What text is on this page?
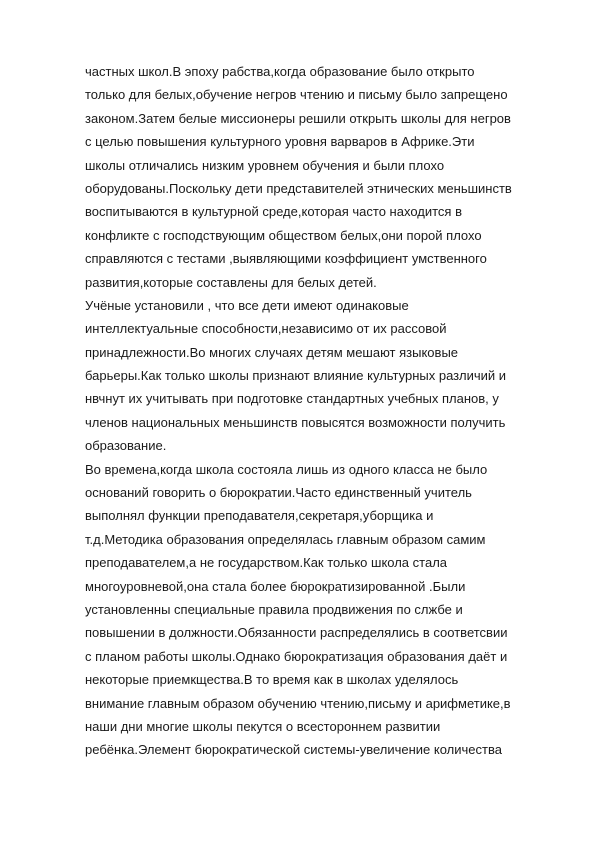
частных школ.В эпоху рабства,когда образование было открыто
только для белых,обучение негров чтению и письму было запрещено
законом.Затем белые миссионеры решили открыть школы для негров
с целью повышения культурного уровня варваров в Африке.Эти
школы отличались низким уровнем обучения и были плохо
оборудованы.Поскольку дети представителей этнических меньшинств
воспитываются в культурной среде,которая часто находится в
конфликте с господствующим обществом белых,они порой плохо
справляются с тестами ,выявляющими коэффициент умственного
развития,которые составлены для белых детей.
Учёные установили , что все дети имеют одинаковые
интеллектуальные способности,независимо от их рассовой
принадлежности.Во многих случаях детям мешают языковые
барьеры.Как только школы признают влияние культурных различий и
нвчнут их учитывать при подготовке стандартных учебных планов, у
членов национальных меньшинств повысятся возможности получить
образование.
Во времена,когда школа состояла лишь из одного класса не было
оснований говорить о бюрократии.Часто единственный учитель
выполнял функции преподавателя,секретаря,уборщика и
т.д.Методика образования определялась главным образом самим
преподавателем,а не государством.Как только школа стала
многоуровневой,она стала более бюрократизированной .Были
установленны специальные правила продвижения по слжбе и
повышении в должности.Обязанности распределялись в соответсвии
с планом работы школы.Однако бюрократизация образования даёт и
некоторые приемкщества.В то время как в школах уделялось
внимание главным образом обучению чтению,письму и арифметике,в
наши дни многие школы пекутся о всестороннем развитии
ребёнка.Элемент бюрократической системы-увеличение количества
